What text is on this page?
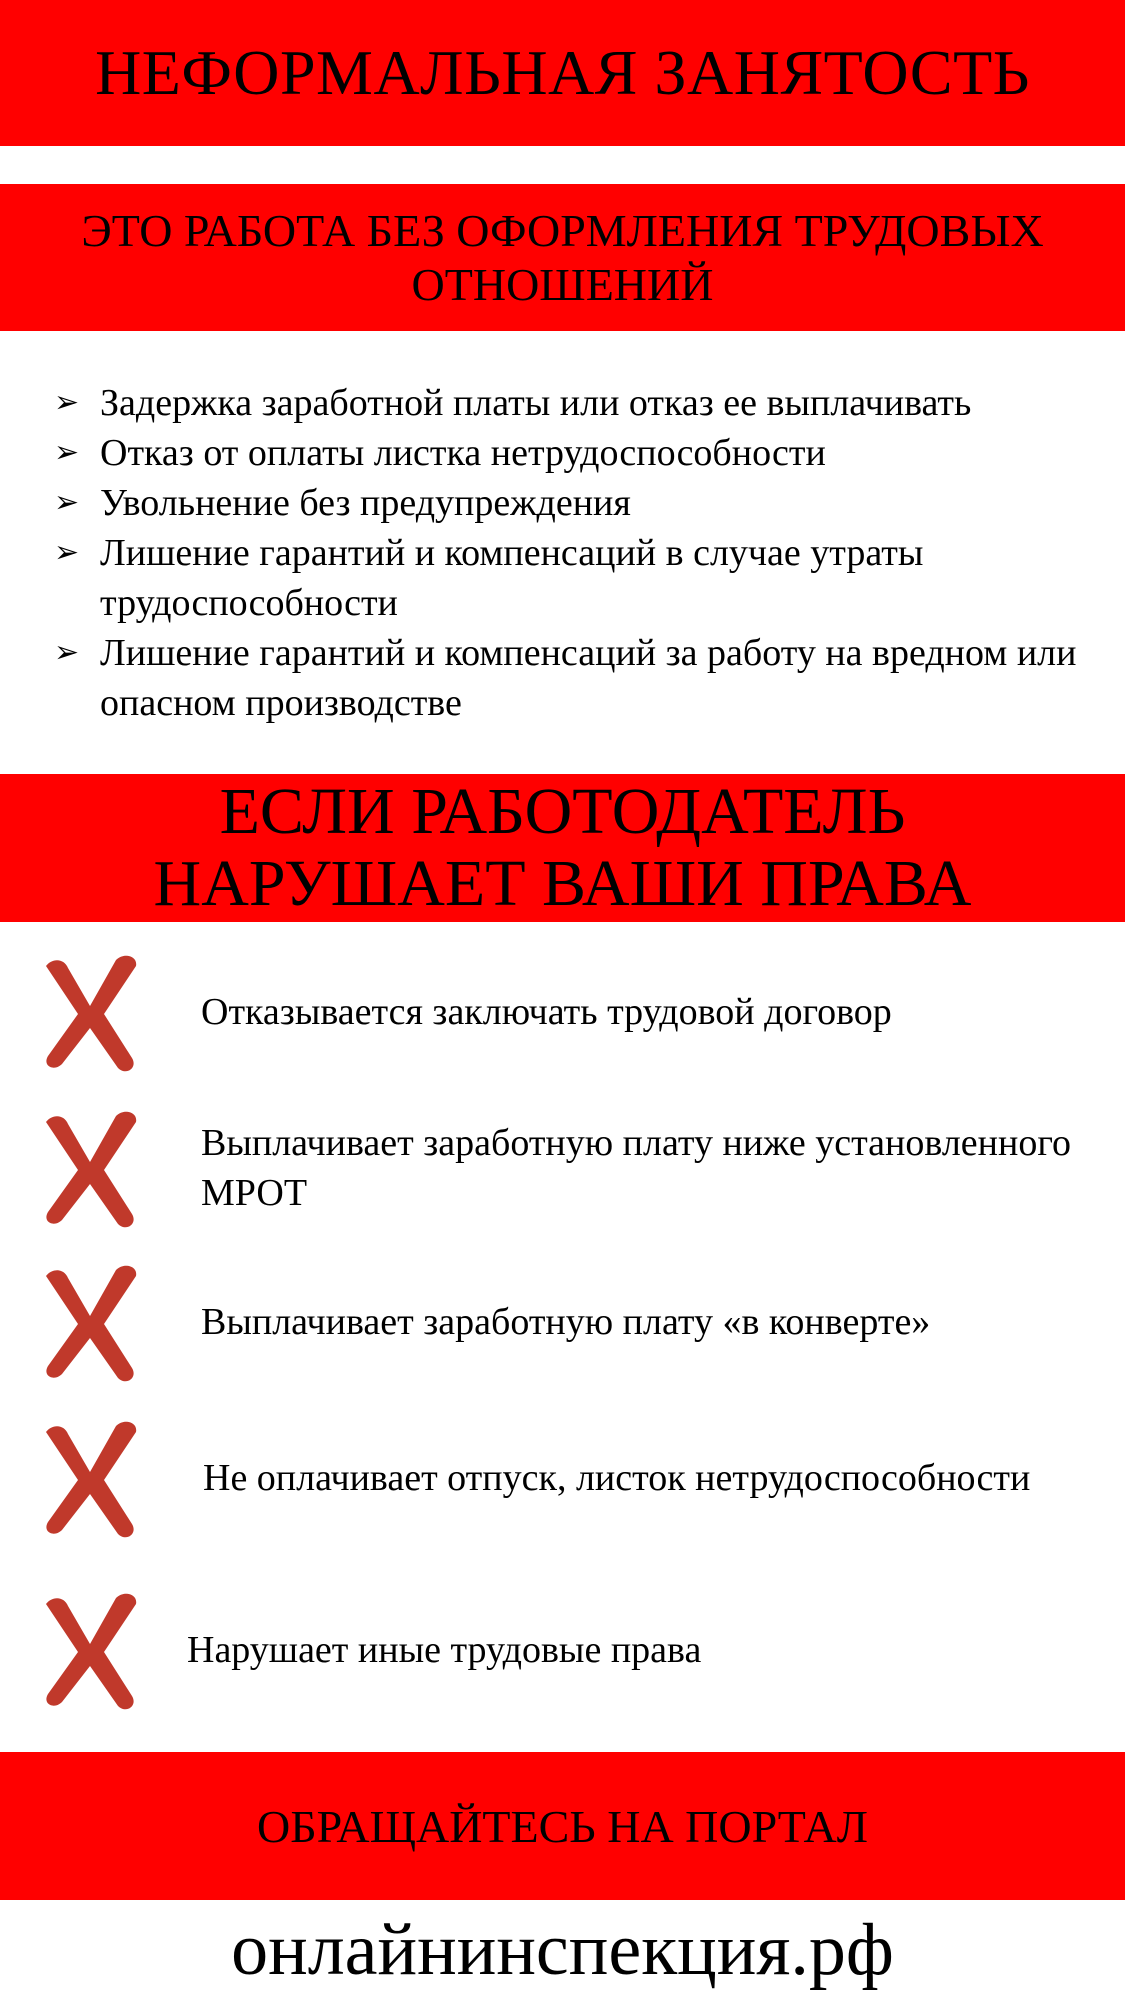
НЕФОРМАЛЬНАЯ ЗАНЯТОСТЬ
ЭТО РАБОТА БЕЗ ОФОРМЛЕНИЯ ТРУДОВЫХ ОТНОШЕНИЙ
➢ Задержка заработной платы или отказ ее выплачивать
➢ Отказ от оплаты листка нетрудоспособности
➢ Увольнение без предупреждения
➢ Лишение гарантий и компенсаций в случае утраты трудоспособности
➢ Лишение гарантий и компенсаций за работу на вредном или опасном производстве
ЕСЛИ РАБОТОДАТЕЛЬ
НАРУШАЕТ ВАШИ ПРАВА
Отказывается заключать трудовой договор
Выплачивает заработную плату ниже установленного МРОТ
Выплачивает заработную плату «в конверте»
Не оплачивает отпуск, листок нетрудоспособности
Нарушает иные трудовые права
ОБРАЩАЙТЕСЬ НА ПОРТАЛ
онлайнинспекция.рф
